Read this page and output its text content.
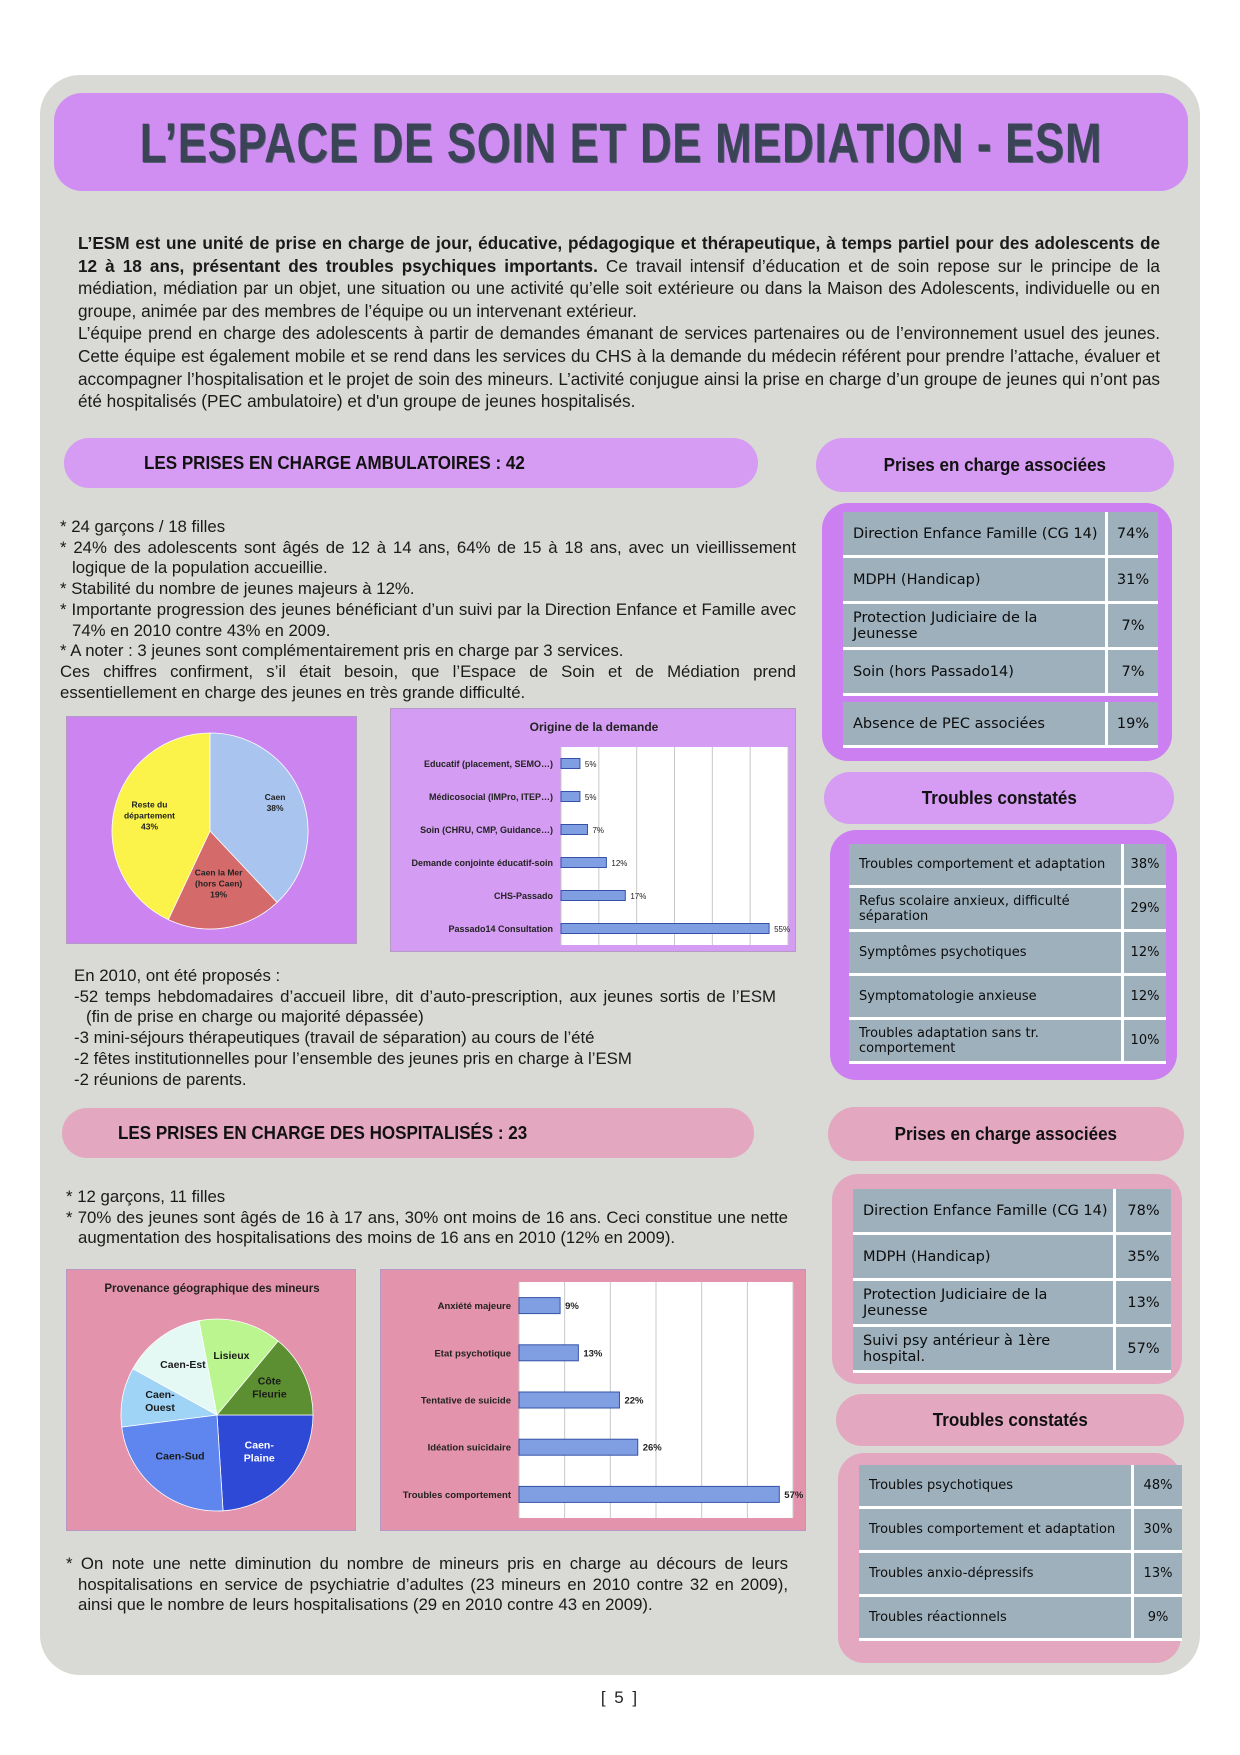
L’ESPACE DE SOIN ET DE MEDIATION - ESM

L’ESM est une unité de prise en charge de jour, éducative, pédagogique et thérapeutique, à temps partiel pour des adolescents de 12 à 18 ans, présentant des troubles psychiques importants. Ce travail intensif d’éducation et de soin repose sur le principe de la médiation, médiation par un objet, une situation ou une activité qu’elle soit extérieure ou dans la Maison des Adolescents, individuelle ou en groupe, animée par des membres de l’équipe ou un intervenant extérieur.

L’équipe prend en charge des adolescents à partir de demandes émanant de services partenaires ou de l’environnement usuel des jeunes. Cette équipe est également mobile et se rend dans les services du CHS à la demande du médecin référent pour prendre l’attache, évaluer et accompagner l’hospitalisation et le projet de soin des mineurs. L’activité conjugue ainsi la prise en charge d’un groupe de jeunes qui n’ont pas été hospitalisés (PEC ambulatoire) et d'un groupe de jeunes hospitalisés.

LES PRISES EN CHARGE AMBULATOIRES : 42
* 24 garçons / 18 filles
* 24% des adolescents sont âgés de 12 à 14 ans, 64% de 15 à 18 ans, avec un vieillissement logique de la population accueillie.
* Stabilité du nombre de jeunes majeurs à 12%.
* Importante progression des jeunes bénéficiant d’un suivi par la Direction Enfance et Famille avec 74% en 2010 contre 43% en 2009.
* A noter : 3 jeunes sont complémentairement pris en charge par 3 services.
Ces chiffres confirment, s’il était besoin, que l’Espace de Soin et de Médiation prend essentiellement en charge des jeunes en très grande difficulté.
Caen
38%
Caen la Mer
(hors Caen)
19%
Reste du
département
43%
Origine de la demande
Educatif (placement, SEMO…)	5%
Médicosocial (IMPro, ITEP…)	5%
Soin (CHRU, CMP, Guidance…)	7%
Demande conjointe éducatif-soin	12%
CHS-Passado	17%
Passado14 Consultation	55%
En 2010, ont été proposés :
-52 temps hebdomadaires d’accueil libre, dit d’auto-prescription, aux jeunes sortis de l’ESM (fin de prise en charge ou majorité dépassée)
-3 mini-séjours thérapeutiques (travail de séparation) au cours de l’été
-2 fêtes institutionnelles pour l’ensemble des jeunes pris en charge à l’ESM
-2 réunions de parents.
LES PRISES EN CHARGE DES HOSPITALISÉS : 23
* 12 garçons, 11 filles
* 70% des jeunes sont âgés de 16 à 17 ans, 30% ont moins de 16 ans. Ceci constitue une nette augmentation des hospitalisations des moins de 16 ans en 2010 (12% en 2009).
Provenance géographique des mineurs
Caen-
Plaine
Caen-Sud
Caen-
Ouest
Caen-Est
Lisieux
Côte
Fleurie
Anxiété majeure	9%
Etat psychotique	13%
Tentative de suicide	22%
Idéation suicidaire	26%
Troubles comportement	57%
* On note une nette diminution du nombre de mineurs pris en charge au décours de leurs hospitalisations en service de psychiatrie d’adultes (23 mineurs en 2010 contre 32 en 2009), ainsi que le nombre de leurs hospitalisations (29 en 2010 contre 43 en 2009).
Prises en charge associées
Direction Enfance Famille (CG 14)	74%
MDPH (Handicap)	31%
Protection Judiciaire de la Jeunesse	7%
Soin (hors Passado14)	7%
Absence de PEC associées	19%
Troubles constatés
Troubles comportement et adaptation	38%
Refus scolaire anxieux, difficulté séparation	29%
Symptômes psychotiques	12%
Symptomatologie anxieuse	12%
Troubles adaptation sans tr. comportement	10%
Prises en charge associées
Direction Enfance Famille (CG 14)	78%
MDPH (Handicap)	35%
Protection Judiciaire de la Jeunesse	13%
Suivi psy antérieur à 1ère hospital.	57%
Troubles constatés
Troubles psychotiques	48%
Troubles comportement et adaptation	30%
Troubles anxio-dépressifs	13%
Troubles réactionnels	9%
[ 5 ]
